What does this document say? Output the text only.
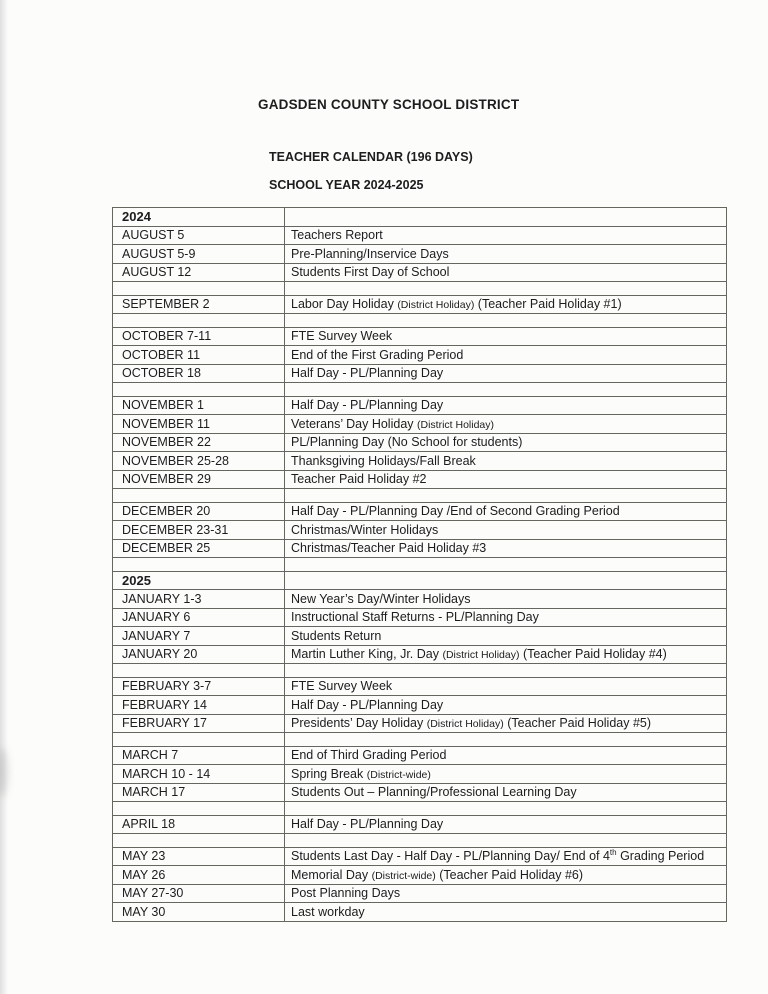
GADSDEN COUNTY SCHOOL DISTRICT
TEACHER CALENDAR (196 DAYS)
SCHOOL YEAR 2024-2025
2024	
AUGUST 5	Teachers Report
AUGUST 5-9	Pre-Planning/Inservice Days
AUGUST 12	Students First Day of School

SEPTEMBER 2	Labor Day Holiday (District Holiday) (Teacher Paid Holiday #1)

OCTOBER 7-11	FTE Survey Week
OCTOBER 11	End of the First Grading Period
OCTOBER 18	Half Day - PL/Planning Day

NOVEMBER 1	Half Day - PL/Planning Day
NOVEMBER 11	Veterans’ Day Holiday (District Holiday)
NOVEMBER 22	PL/Planning Day (No School for students)
NOVEMBER 25-28	Thanksgiving Holidays/Fall Break
NOVEMBER 29	Teacher Paid Holiday #2

DECEMBER 20	Half Day - PL/Planning Day /End of Second Grading Period
DECEMBER 23-31	Christmas/Winter Holidays
DECEMBER 25	Christmas/Teacher Paid Holiday #3

2025	
JANUARY 1-3	New Year’s Day/Winter Holidays
JANUARY 6	Instructional Staff Returns - PL/Planning Day
JANUARY 7	Students Return
JANUARY 20	Martin Luther King, Jr. Day (District Holiday) (Teacher Paid Holiday #4)

FEBRUARY 3-7	FTE Survey Week
FEBRUARY 14	Half Day - PL/Planning Day
FEBRUARY 17	Presidents’ Day Holiday (District Holiday) (Teacher Paid Holiday #5)

MARCH 7	End of Third Grading Period
MARCH 10 - 14	Spring Break (District-wide)
MARCH 17	Students Out – Planning/Professional Learning Day

APRIL 18	Half Day - PL/Planning Day

MAY 23	Students Last Day - Half Day - PL/Planning Day/ End of 4th Grading Period
MAY 26	Memorial Day (District-wide) (Teacher Paid Holiday #6)
MAY 27-30	Post Planning Days
MAY 30	Last workday
